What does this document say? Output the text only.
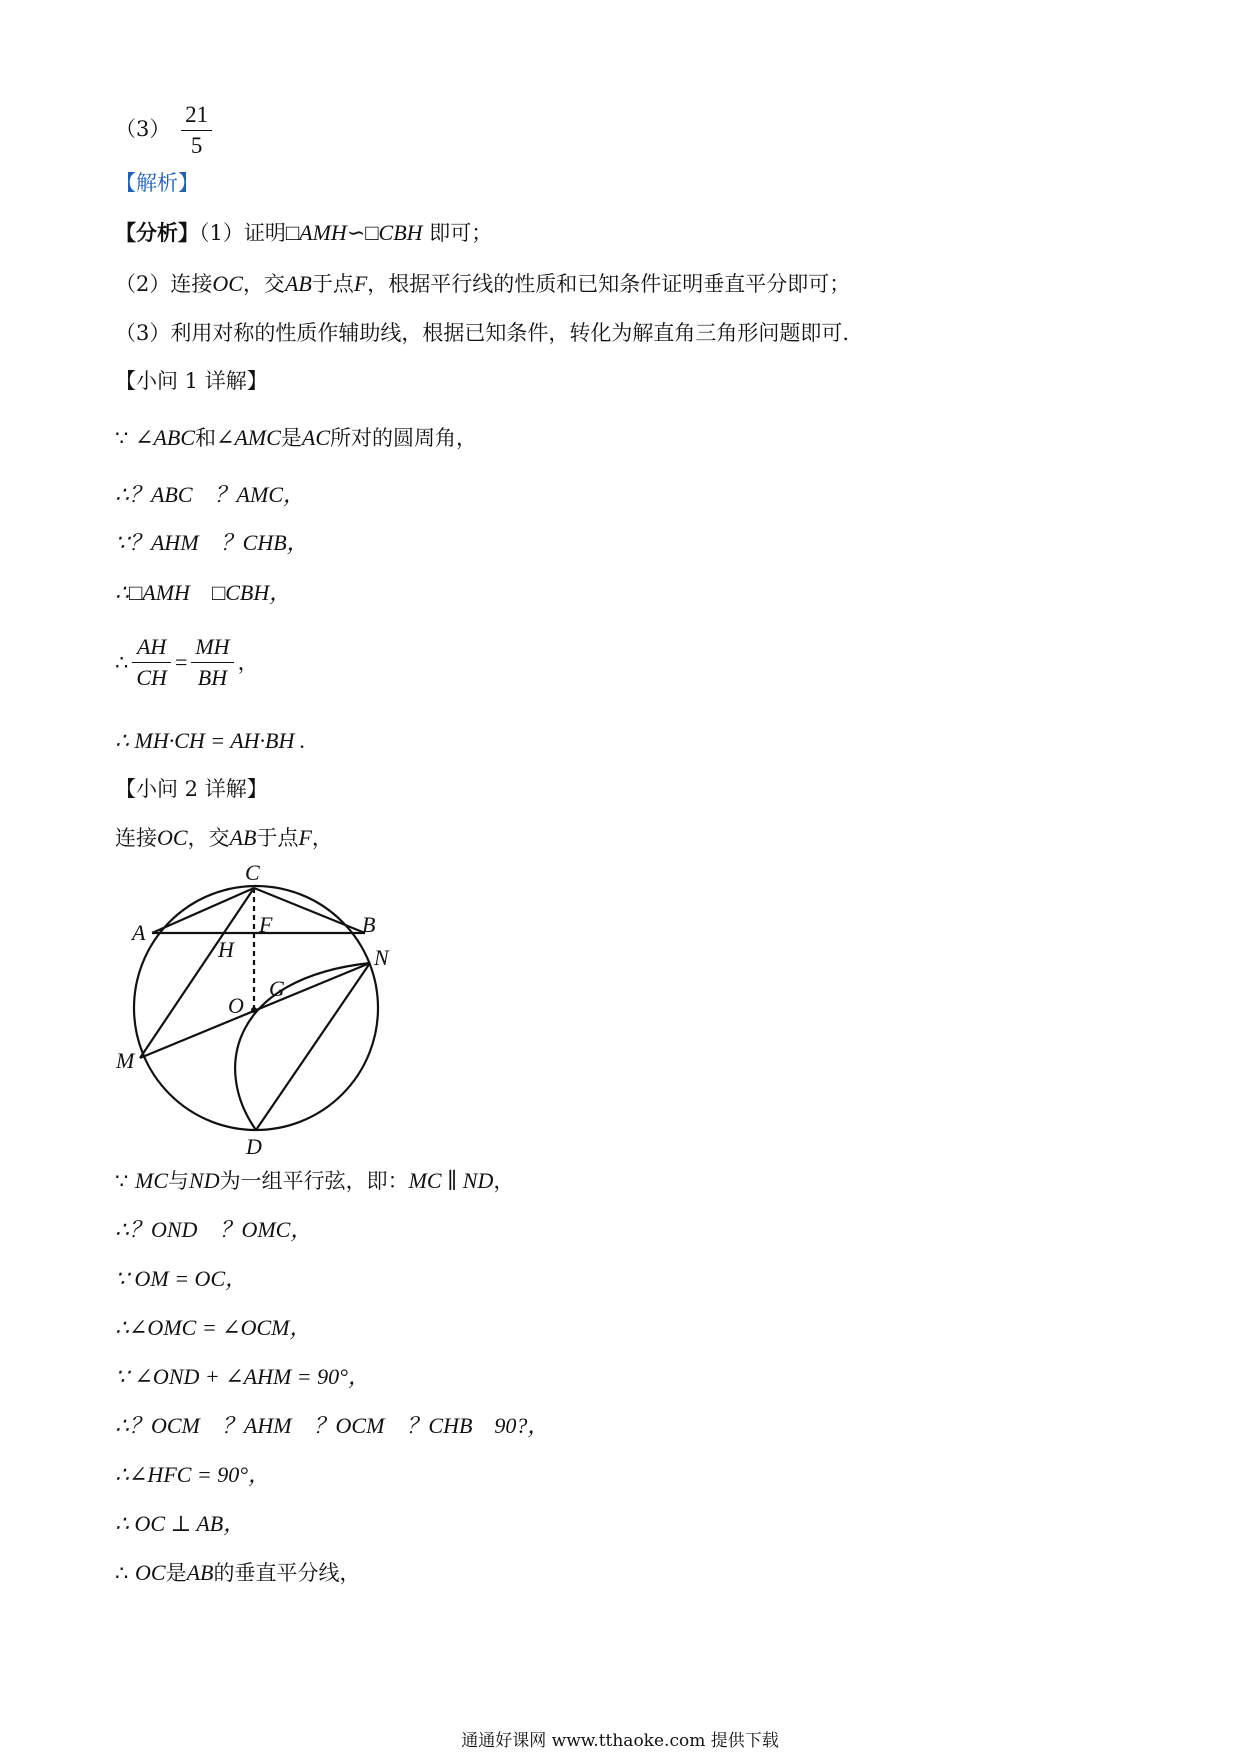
$(3) \frac{21}{5}$
【解析】
【分析】（1）证明□AMH∽□CBH 即可；
（2）连接OC，交AB于点F，根据平行线的性质和已知条件证明垂直平分即可；
（3）利用对称的性质作辅助线，根据已知条件，转化为解直角三角形问题即可.
【小问 1 详解】
∵ ∠ABC和∠AMC是AC所对的圆周角，
∴？ABC　？AMC，
∵？AHM　？CHB，
∴□AMH　□CBH，
∴ $\frac{AH}{CH} = \frac{MH}{BH}$ ，
∴ MH·CH = AH·BH .
【小问 2 详解】
连接OC，交AB于点F，
C
A	F	B
H	N
O
G
M
D
∵ MC与ND为一组平行弦，即：MC ∥ ND，
∴？OND　？OMC，
∵ OM = OC，
∴∠OMC = ∠OCM，
∵ ∠OND + ∠AHM = 90°，
∴？OCM　？AHM　？OCM　？CHB　90?，
∴∠HFC = 90°，
∴ OC ⊥ AB，
∴ OC是AB的垂直平分线，
通通好课网 www.tthaoke.com 提供下载
